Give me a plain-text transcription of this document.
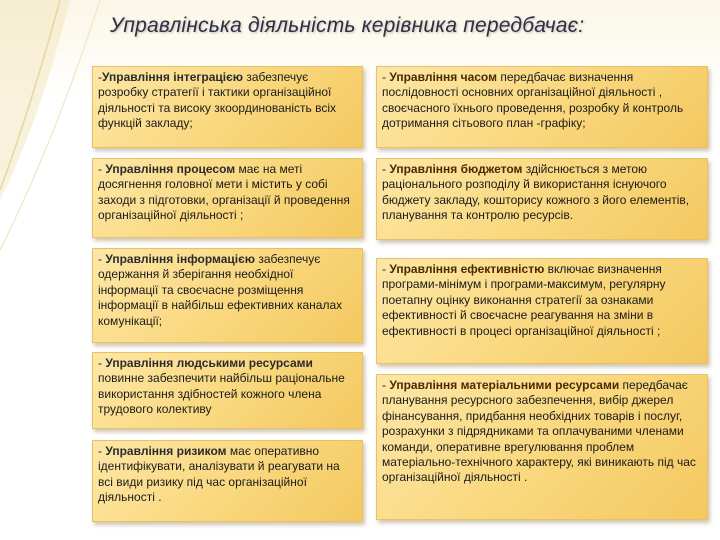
Управлінська діяльність керівника передбачає:
-Управління інтеграцією забезпечує розробку стратегії і тактики організаційної діяльності та високу зкоординованість всіх функцій закладу;
- Управління процесом має на меті досягнення головної мети і містить у собі заходи з підготовки, організації й проведення організаційної діяльності ;
- Управління інформацією забезпечує одержання й зберігання необхідної інформації та своєчасне розміщення інформації в найбільш ефективних каналах комунікації;
- Управління людськими ресурсами повинне забезпечити найбільш раціональне використання здібностей кожного члена трудового колективу
- Управління ризиком має оперативно ідентифікувати, аналізувати й реагувати на всі види ризику під час організаційної діяльності .
- Управління часом передбачає визначення послідовності основних організаційної діяльності , своєчасного їхнього проведення, розробку й контроль дотримання сітьового план -графіку;
- Управління бюджетом здійснюється з метою раціонального розподілу й використання існуючого бюджету закладу, кошторису кожного з його елементів, планування та контролю ресурсів.
- Управління ефективністю включає визначення програми-мінімум і програми-максимум, регулярну поетапну оцінку виконання стратегії за ознаками ефективності й своєчасне реагування на зміни в ефективності в процесі організаційної діяльності ;
- Управління матеріальними ресурсами передбачає планування ресурсного забезпечення, вибір джерел фінансування, придбання необхідних товарів і послуг, розрахунки з підрядниками та оплачуваними членами команди, оперативне врегулювання проблем матеріально-технічного характеру, які виникають під час організаційної діяльності .
